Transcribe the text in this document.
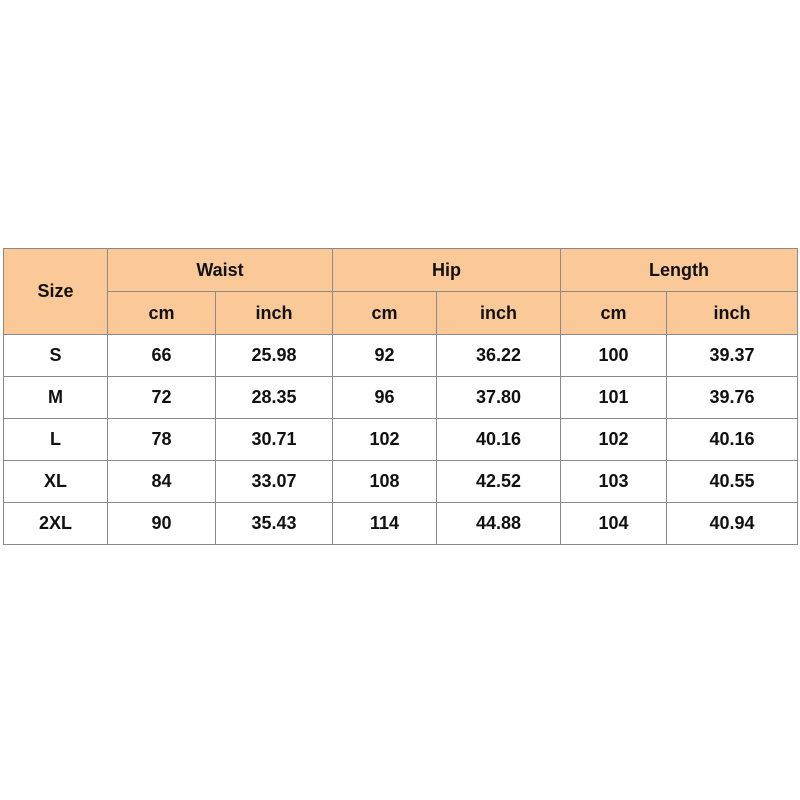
Size	Waist		Hip		Length	
	cm	inch	cm	inch	cm	inch
S	66	25.98	92	36.22	100	39.37
M	72	28.35	96	37.80	101	39.76
L	78	30.71	102	40.16	102	40.16
XL	84	33.07	108	42.52	103	40.55
2XL	90	35.43	114	44.88	104	40.94
